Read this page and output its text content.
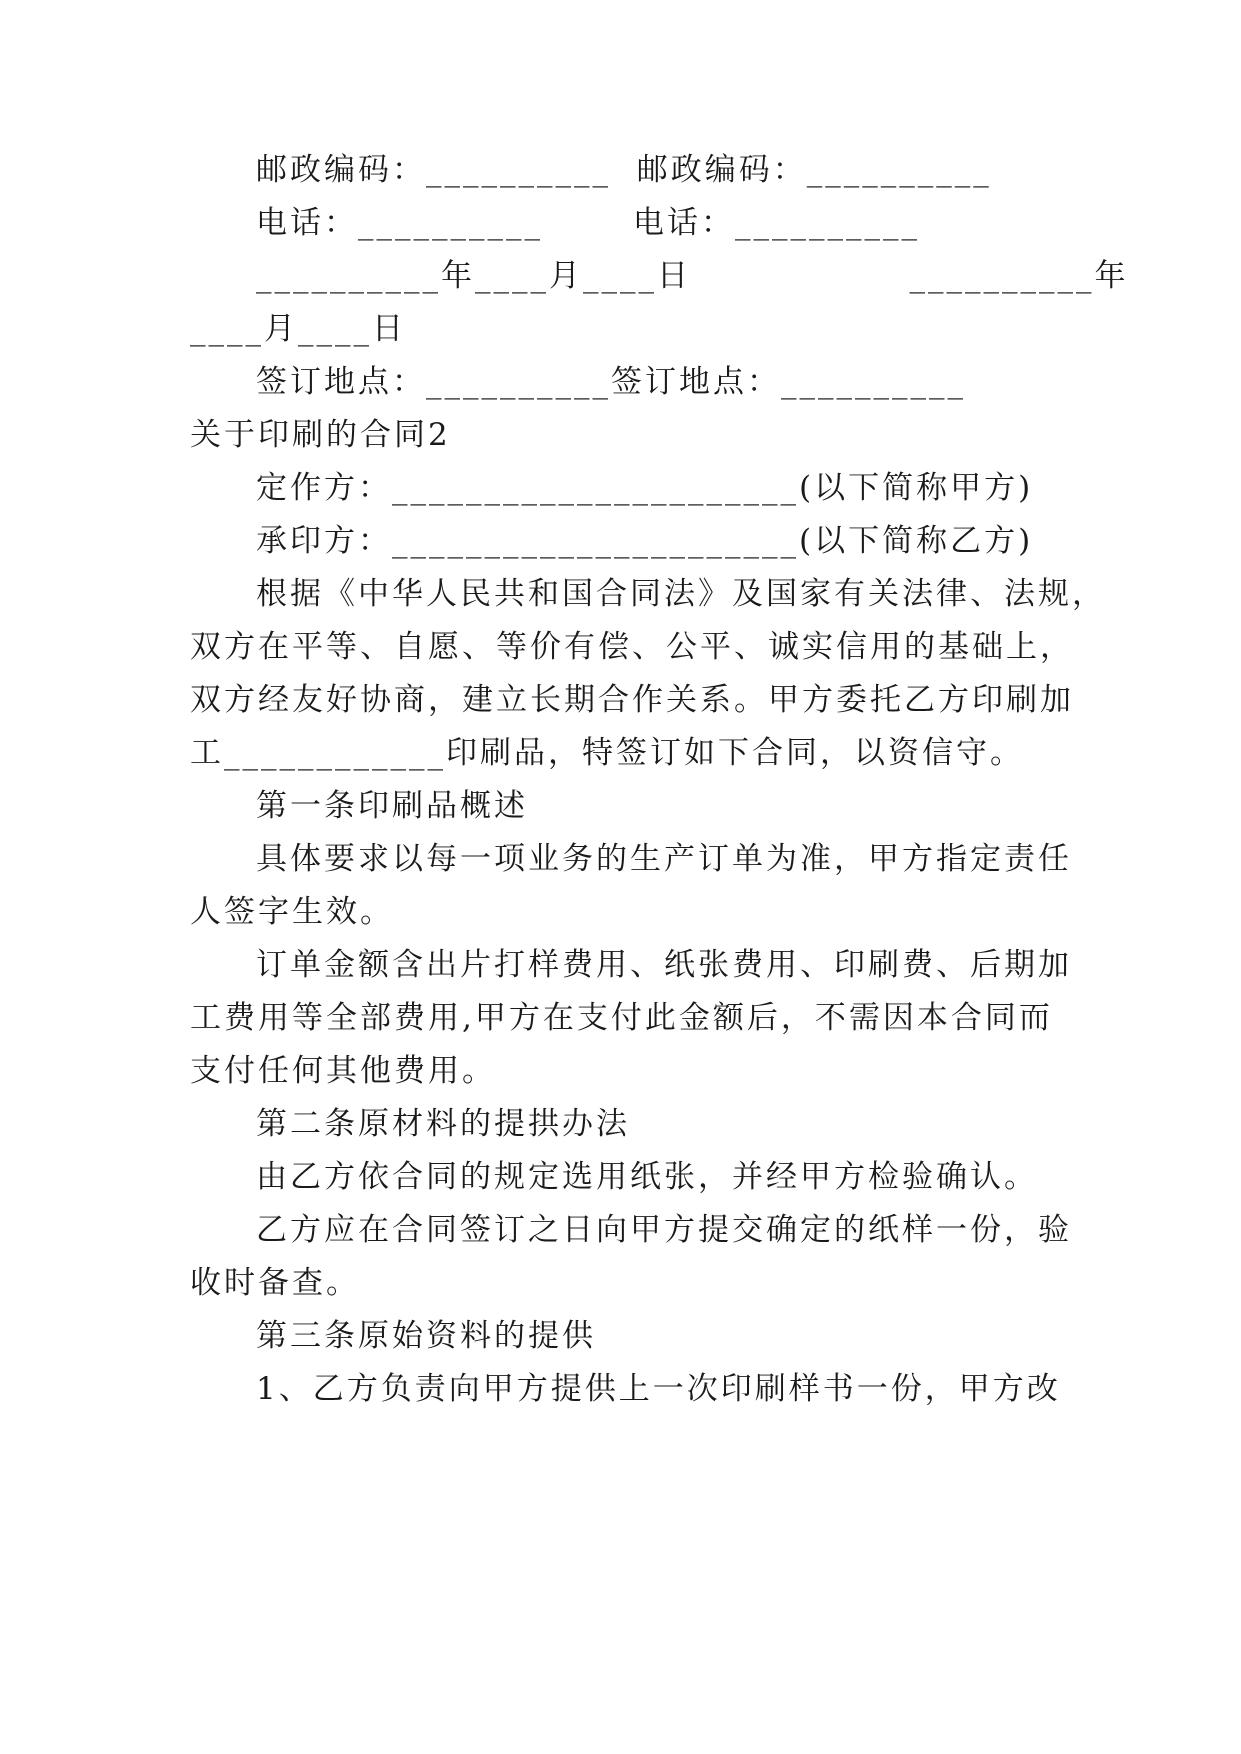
邮政编码：__________  邮政编码：__________
电话：__________       电话：__________
__________年____月____日                 __________年
____月____日
签订地点：__________签订地点：__________
关于印刷的合同2
定作方：______________________(以下简称甲方)
承印方：______________________(以下简称乙方)
根据《中华人民共和国合同法》及国家有关法律、法规，
双方在平等、自愿、等价有偿、公平、诚实信用的基础上，
双方经友好协商，建立长期合作关系。甲方委托乙方印刷加
工____________印刷品，特签订如下合同，以资信守。
第一条印刷品概述
具体要求以每一项业务的生产订单为准，甲方指定责任
人签字生效。
订单金额含出片打样费用、纸张费用、印刷费、后期加
工费用等全部费用,甲方在支付此金额后，不需因本合同而
支付任何其他费用。
第二条原材料的提拱办法
由乙方依合同的规定选用纸张，并经甲方检验确认。
乙方应在合同签订之日向甲方提交确定的纸样一份，验
收时备查。
第三条原始资料的提供
1、乙方负责向甲方提供上一次印刷样书一份，甲方改
